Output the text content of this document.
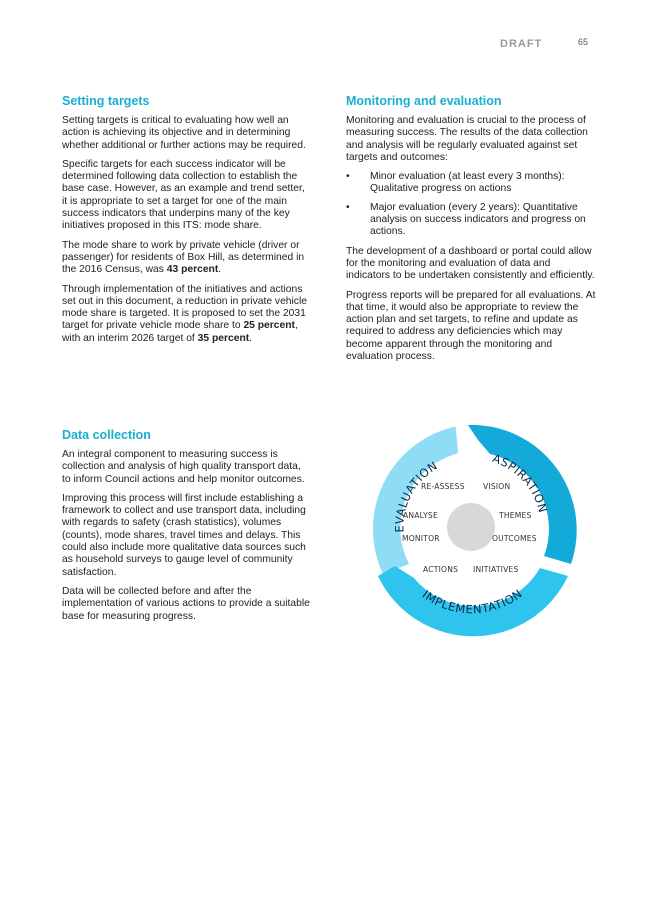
DRAFT	65
Setting targets

Setting targets is critical to evaluating how well an action is achieving its objective and in determining whether additional or further actions may be required.

Specific targets for each success indicator will be determined following data collection to establish the base case. However, as an example and trend setter, it is appropriate to set a target for one of the main success indicators that underpins many of the key initiatives proposed in this ITS: mode share.

The mode share to work by private vehicle (driver or passenger) for residents of Box Hill, as determined in the 2016 Census, was 43 percent.

Through implementation of the initiatives and actions set out in this document, a reduction in private vehicle mode share is targeted. It is proposed to set the 2031 target for private vehicle mode share to 25 percent, with an interim 2026 target of 35 percent.

Data collection

An integral component to measuring success is collection and analysis of high quality transport data, to inform Council actions and help monitor outcomes.

Improving this process will first include establishing a framework to collect and use transport data, including with regards to safety (crash statistics), volumes (counts), mode shares, travel times and delays. This could also include more qualitative data sources such as household surveys to gauge level of community satisfaction.

Data will be collected before and after the implementation of various actions to provide a suitable base for measuring progress.

Monitoring and evaluation

Monitoring and evaluation is crucial to the process of measuring success. The results of the data collection and analysis will be regularly evaluated against set targets and outcomes:

• Minor evaluation (at least every 3 months): Qualitative progress on actions
• Major evaluation (every 2 years): Quantitative analysis on success indicators and progress on actions.

The development of a dashboard or portal could allow for the monitoring and evaluation of data and indicators to be undertaken consistently and efficiently.

Progress reports will be prepared for all evaluations. At that time, it would also be appropriate to review the action plan and set targets, to refine and update as required to address any deficiencies which may become apparent through the monitoring and evaluation process.

EVALUATION	ASPIRATION
IMPLEMENTATION
RE-ASSESS VISION
ANALYSE	THEMES
MONITOR	OUTCOMES
ACTIONS INITIATIVES
